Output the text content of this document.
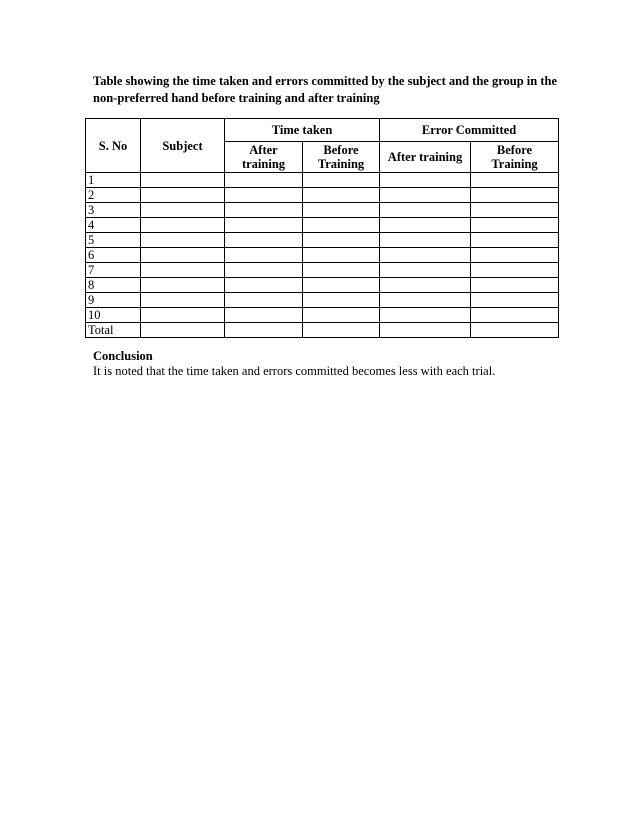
Table showing the time taken and errors committed by the subject and the group in the non-preferred hand before training and after training
S. No	Subject	Time taken		Error Committed	
		After training	Before Training	After training	Before Training
1					
2					
3					
4					
5					
6					
7					
8					
9					
10					
Total					
Conclusion
It is noted that the time taken and errors committed becomes less with each trial.
